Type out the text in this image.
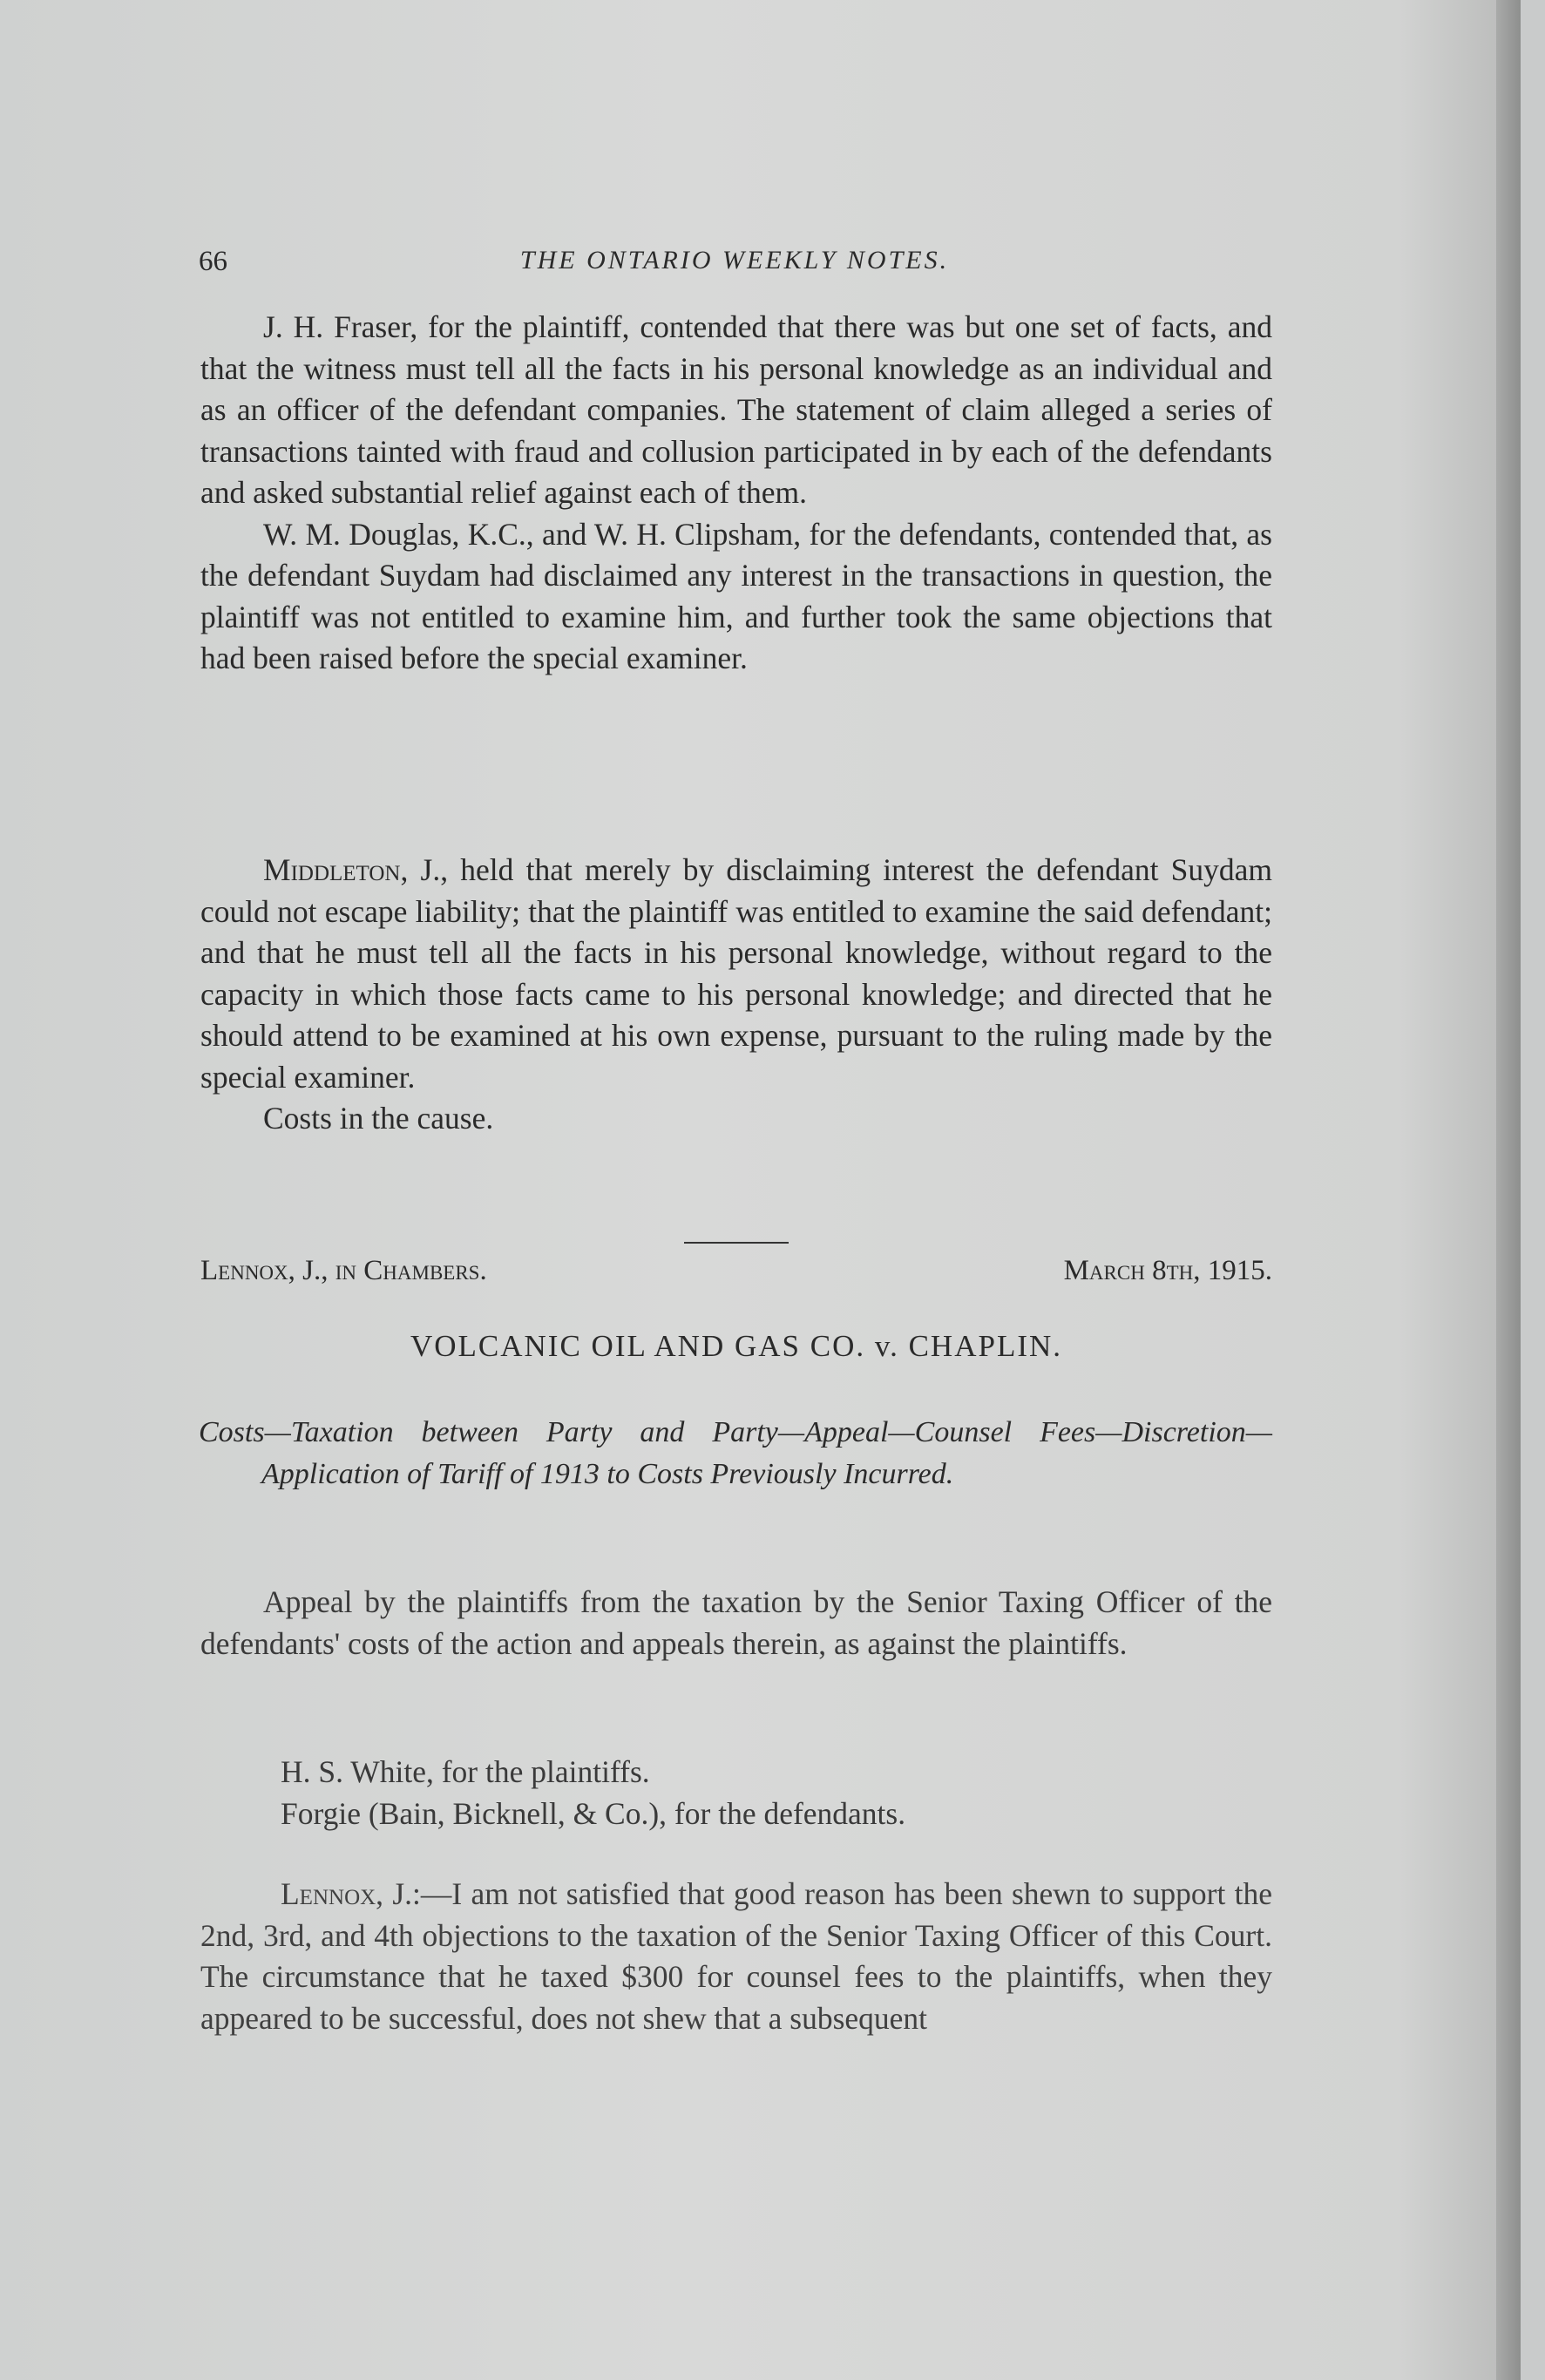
66	THE ONTARIO WEEKLY NOTES.

J. H. Fraser, for the plaintiff, contended that there was but one set of facts, and that the witness must tell all the facts in his personal knowledge as an individual and as an officer of the defendant companies. The statement of claim alleged a series of transactions tainted with fraud and collusion participated in by each of the defendants and asked substantial relief against each of them.

W. M. Douglas, K.C., and W. H. Clipsham, for the defendants, contended that, as the defendant Suydam had disclaimed any interest in the transactions in question, the plaintiff was not entitled to examine him, and further took the same objections that had been raised before the special examiner.

Middleton, J., held that merely by disclaiming interest the defendant Suydam could not escape liability; that the plaintiff was entitled to examine the said defendant; and that he must tell all the facts in his personal knowledge, without regard to the capacity in which those facts came to his personal knowledge; and directed that he should attend to be examined at his own expense, pursuant to the ruling made by the special examiner.

Costs in the cause.

Lennox, J., in Chambers.	March 8th, 1915.
VOLCANIC OIL AND GAS CO. v. CHAPLIN.

Costs—Taxation between Party and Party—Appeal—Counsel Fees—Discretion—Application of Tariff of 1913 to Costs Previously Incurred.

Appeal by the plaintiffs from the taxation by the Senior Taxing Officer of the defendants' costs of the action and appeals therein, as against the plaintiffs.

H. S. White, for the plaintiffs.

Forgie (Bain, Bicknell, & Co.), for the defendants.

Lennox, J.:—I am not satisfied that good reason has been shewn to support the 2nd, 3rd, and 4th objections to the taxation of the Senior Taxing Officer of this Court. The circumstance that he taxed $300 for counsel fees to the plaintiffs, when they appeared to be successful, does not shew that a subsequent
